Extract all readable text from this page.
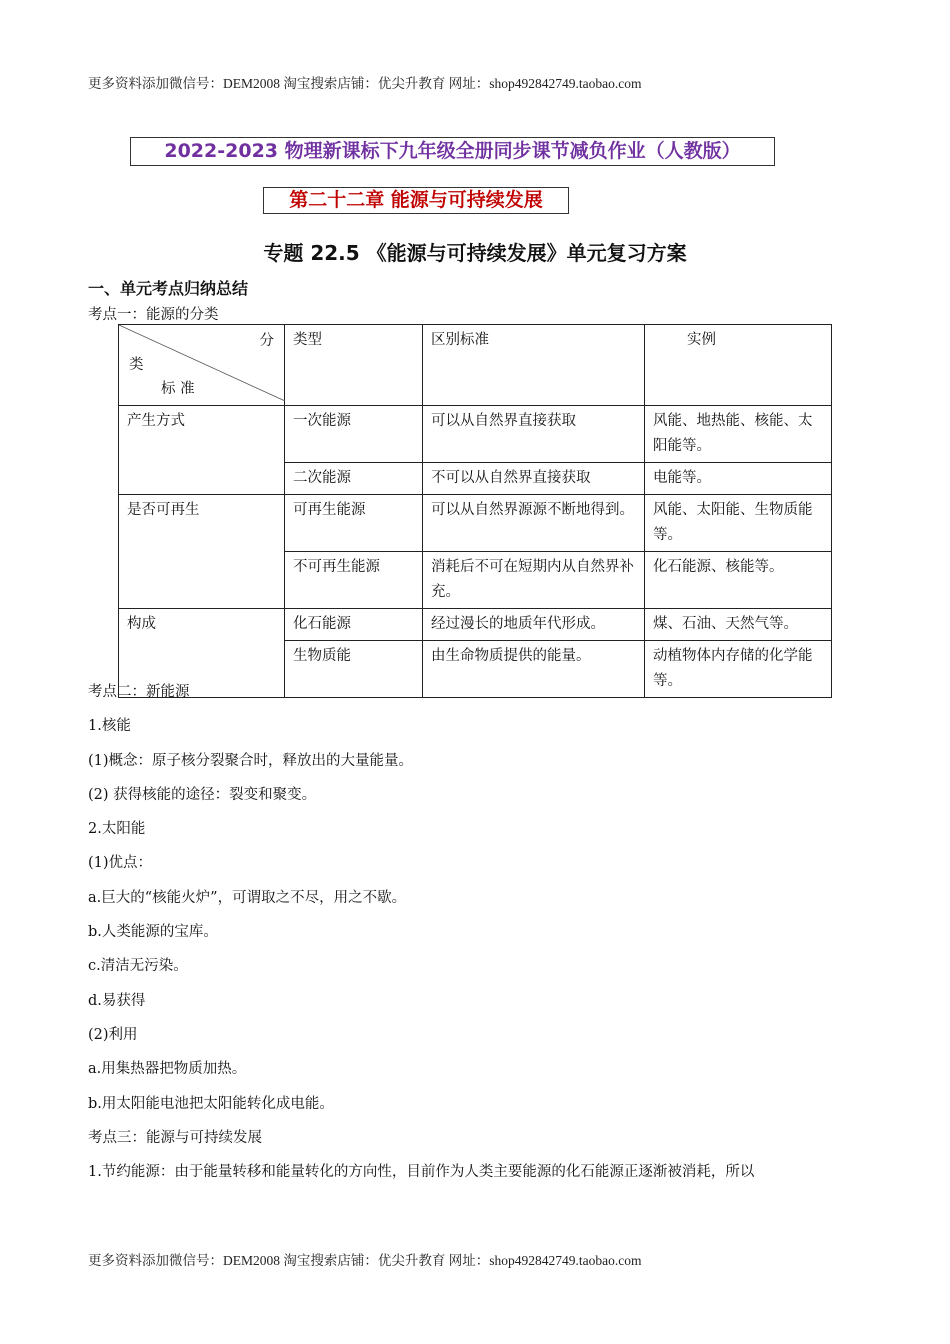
更多资料添加微信号：DEM2008 淘宝搜索店铺：优尖升教育 网址：shop492842749.taobao.com
2022-2023 物理新课标下九年级全册同步课节减负作业（人教版）
第二十二章 能源与可持续发展
专题 22.5 《能源与可持续发展》单元复习方案
一、单元考点归纳总结
考点一：能源的分类
分
类
标 准	类型	区别标准	实例
产生方式	一次能源	可以从自然界直接获取	风能、地热能、核能、太阳能等。
	二次能源	不可以从自然界直接获取	电能等。
是否可再生	可再生能源	可以从自然界源源不断地得到。	风能、太阳能、生物质能等。
	不可再生能源	消耗后不可在短期内从自然界补充。	化石能源、核能等。
构成	化石能源	经过漫长的地质年代形成。	煤、石油、天然气等。
	生物质能	由生命物质提供的能量。	动植物体内存储的化学能等。

考点二：新能源

1.核能

(1)概念：原子核分裂聚合时，释放出的大量能量。

(2) 获得核能的途径：裂变和聚变。

2.太阳能

(1)优点：

a.巨大的“核能火炉”，可谓取之不尽，用之不歇。

b.人类能源的宝库。

c.清洁无污染。

d.易获得

(2)利用

a.用集热器把物质加热。

b.用太阳能电池把太阳能转化成电能。

考点三：能源与可持续发展

1.节约能源：由于能量转移和能量转化的方向性，目前作为人类主要能源的化石能源正逐渐被消耗，所以

更多资料添加微信号：DEM2008 淘宝搜索店铺：优尖升教育 网址：shop492842749.taobao.com
